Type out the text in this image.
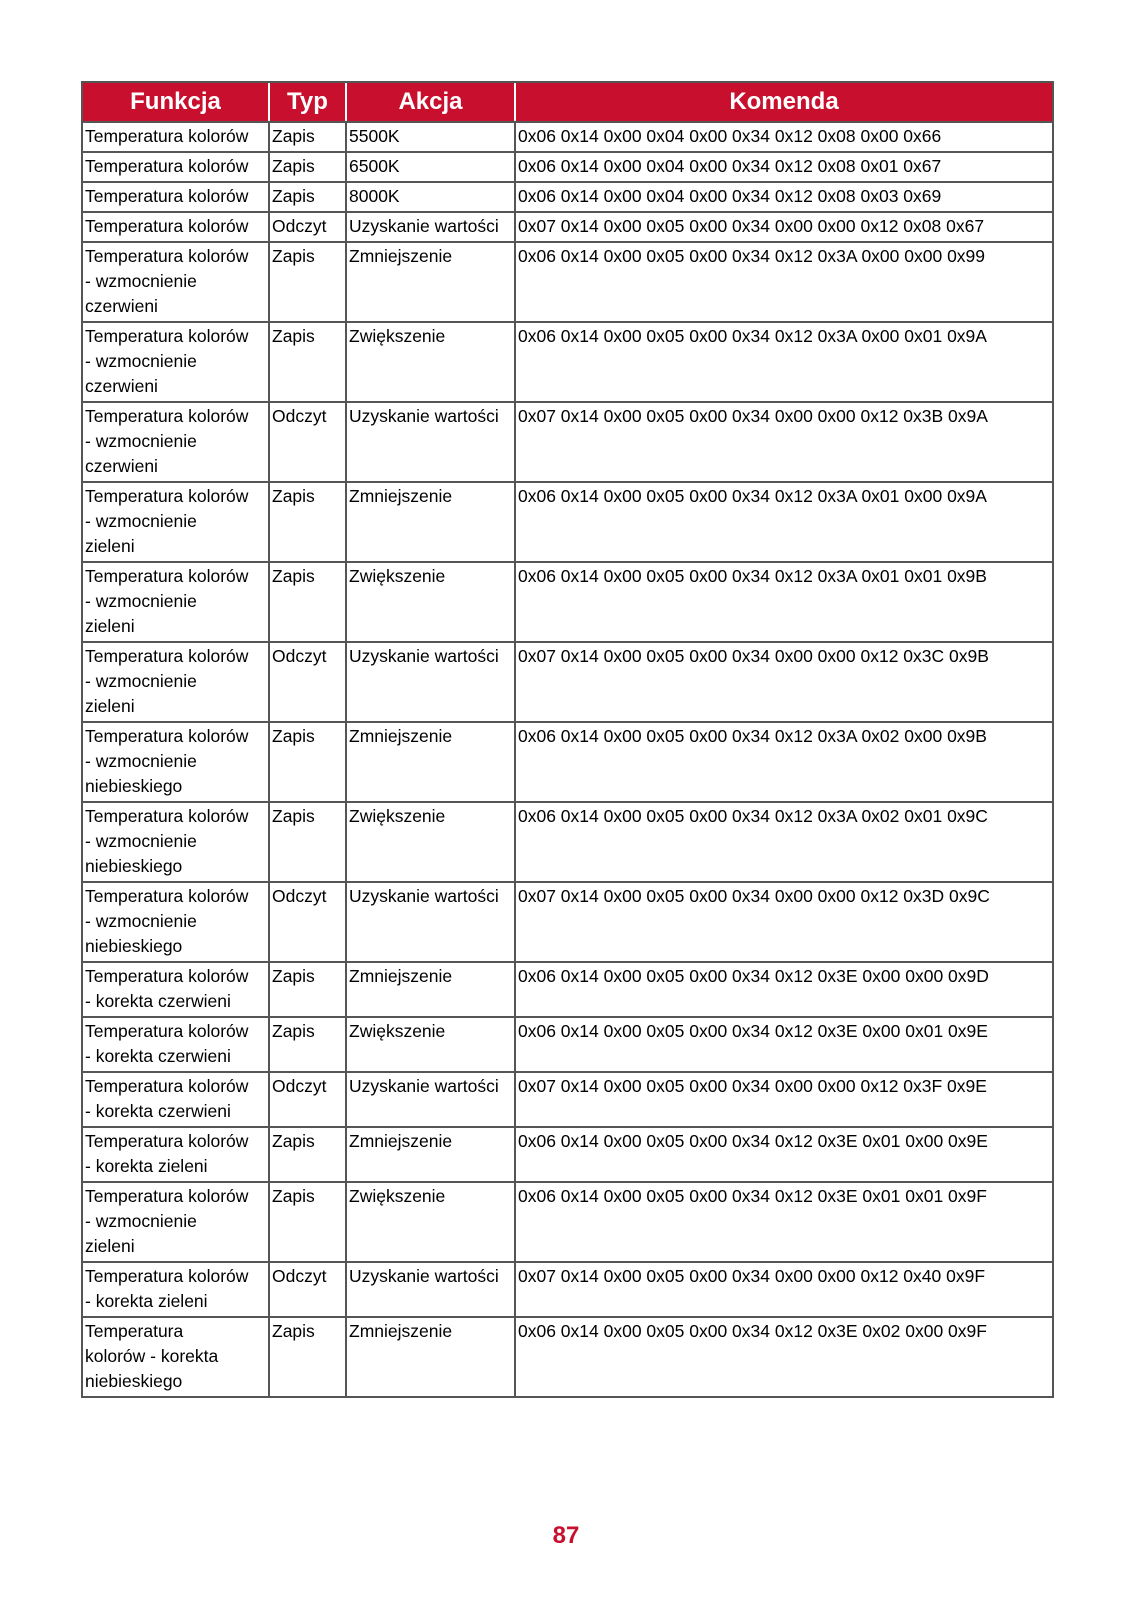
Funkcja	Typ	Akcja	Komenda

Temperatura kolorów	Zapis	5500K	0x06 0x14 0x00 0x04 0x00 0x34 0x12 0x08 0x00 0x66

Temperatura kolorów	Zapis	6500K	0x06 0x14 0x00 0x04 0x00 0x34 0x12 0x08 0x01 0x67

Temperatura kolorów	Zapis	8000K	0x06 0x14 0x00 0x04 0x00 0x34 0x12 0x08 0x03 0x69

Temperatura kolorów	Odczyt	Uzyskanie wartości	0x07 0x14 0x00 0x05 0x00 0x34 0x00 0x00 0x12 0x08 0x67

Temperatura kolorów
- wzmocnienie
czerwieni	Zapis	Zmniejszenie	0x06 0x14 0x00 0x05 0x00 0x34 0x12 0x3A 0x00 0x00 0x99

Temperatura kolorów
- wzmocnienie
czerwieni	Zapis	Zwiększenie	0x06 0x14 0x00 0x05 0x00 0x34 0x12 0x3A 0x00 0x01 0x9A

Temperatura kolorów
- wzmocnienie
czerwieni	Odczyt	Uzyskanie wartości	0x07 0x14 0x00 0x05 0x00 0x34 0x00 0x00 0x12 0x3B 0x9A

Temperatura kolorów
- wzmocnienie
zieleni	Zapis	Zmniejszenie	0x06 0x14 0x00 0x05 0x00 0x34 0x12 0x3A 0x01 0x00 0x9A

Temperatura kolorów
- wzmocnienie
zieleni	Zapis	Zwiększenie	0x06 0x14 0x00 0x05 0x00 0x34 0x12 0x3A 0x01 0x01 0x9B

Temperatura kolorów
- wzmocnienie
zieleni	Odczyt	Uzyskanie wartości	0x07 0x14 0x00 0x05 0x00 0x34 0x00 0x00 0x12 0x3C 0x9B

Temperatura kolorów
- wzmocnienie
niebieskiego	Zapis	Zmniejszenie	0x06 0x14 0x00 0x05 0x00 0x34 0x12 0x3A 0x02 0x00 0x9B

Temperatura kolorów
- wzmocnienie
niebieskiego	Zapis	Zwiększenie	0x06 0x14 0x00 0x05 0x00 0x34 0x12 0x3A 0x02 0x01 0x9C

Temperatura kolorów
- wzmocnienie
niebieskiego	Odczyt	Uzyskanie wartości	0x07 0x14 0x00 0x05 0x00 0x34 0x00 0x00 0x12 0x3D 0x9C

Temperatura kolorów
- korekta czerwieni	Zapis	Zmniejszenie	0x06 0x14 0x00 0x05 0x00 0x34 0x12 0x3E 0x00 0x00 0x9D

Temperatura kolorów
- korekta czerwieni	Zapis	Zwiększenie	0x06 0x14 0x00 0x05 0x00 0x34 0x12 0x3E 0x00 0x01 0x9E

Temperatura kolorów
- korekta czerwieni	Odczyt	Uzyskanie wartości	0x07 0x14 0x00 0x05 0x00 0x34 0x00 0x00 0x12 0x3F 0x9E

Temperatura kolorów
- korekta zieleni	Zapis	Zmniejszenie	0x06 0x14 0x00 0x05 0x00 0x34 0x12 0x3E 0x01 0x00 0x9E

Temperatura kolorów
- wzmocnienie
zieleni	Zapis	Zwiększenie	0x06 0x14 0x00 0x05 0x00 0x34 0x12 0x3E 0x01 0x01 0x9F

Temperatura kolorów
- korekta zieleni	Odczyt	Uzyskanie wartości	0x07 0x14 0x00 0x05 0x00 0x34 0x00 0x00 0x12 0x40 0x9F

Temperatura
kolorów - korekta
niebieskiego	Zapis	Zmniejszenie	0x06 0x14 0x00 0x05 0x00 0x34 0x12 0x3E 0x02 0x00 0x9F
87
